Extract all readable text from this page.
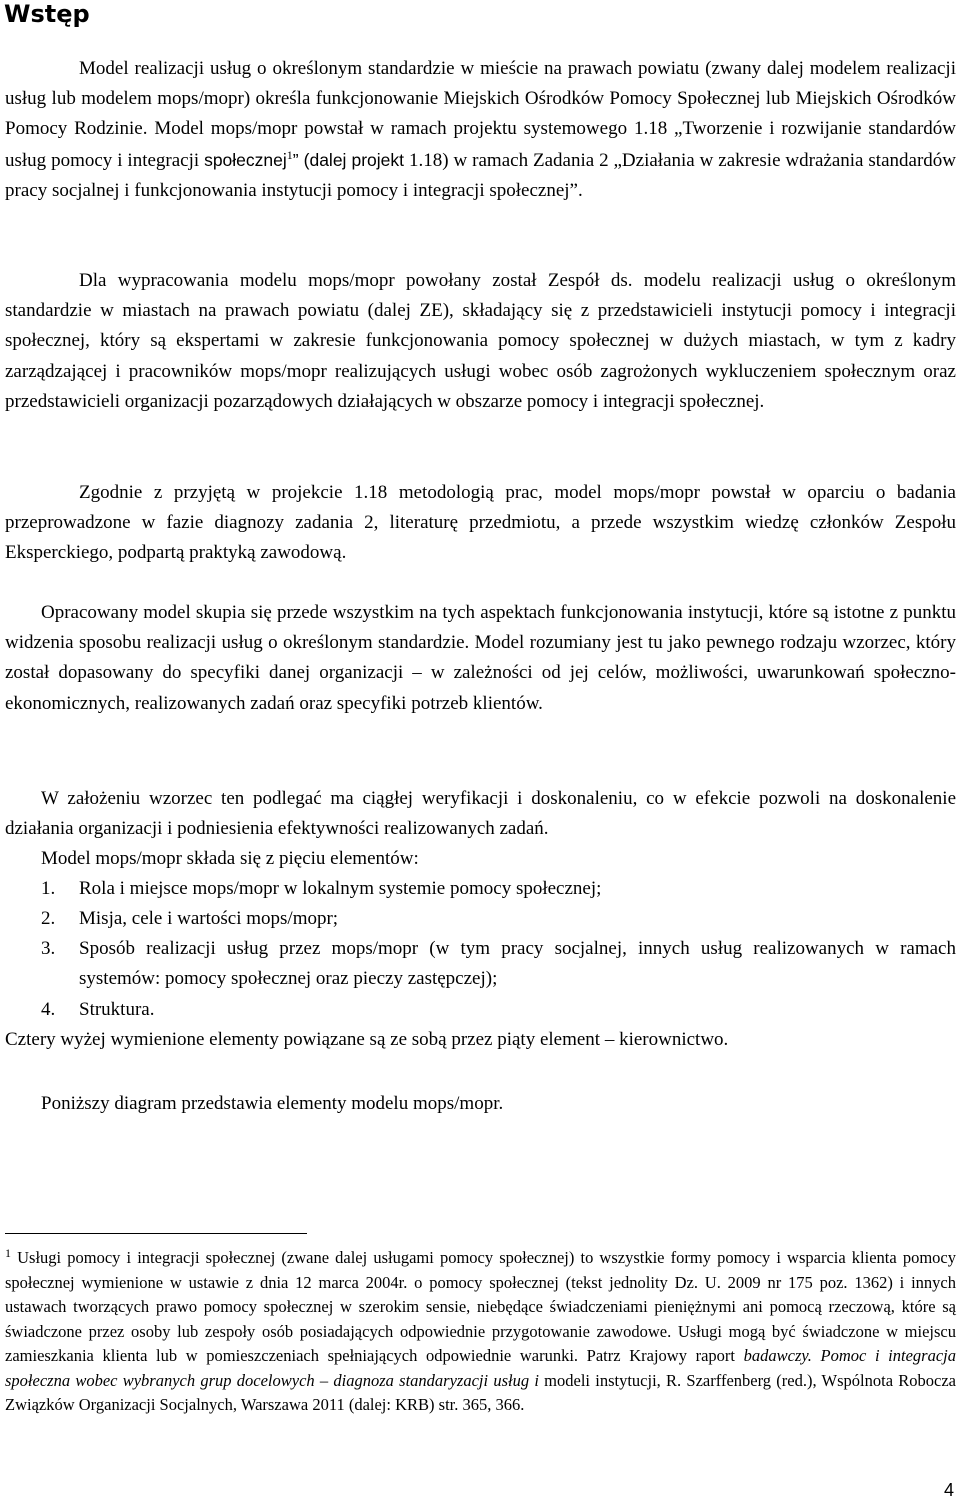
Wstęp
Model realizacji usług o określonym standardzie w mieście na prawach powiatu (zwany dalej modelem realizacji usług lub modelem mops/mopr) określa funkcjonowanie Miejskich Ośrodków Pomocy Społecznej lub Miejskich Ośrodków Pomocy Rodzinie. Model mops/mopr powstał w ramach projektu systemowego 1.18 „Tworzenie i rozwijanie standardów usług pomocy i integracji społecznej$^1$” (dalej projekt 1.18) w ramach Zadania 2 „Działania w zakresie wdrażania standardów pracy socjalnej i funkcjonowania instytucji pomocy i integracji społecznej”.
Dla wypracowania modelu mops/mopr powołany został Zespół ds. modelu realizacji usług o określonym standardzie w miastach na prawach powiatu (dalej ZE), składający się z przedstawicieli instytucji pomocy i integracji społecznej, który są ekspertami w zakresie funkcjonowania pomocy społecznej w dużych miastach, w tym z kadry zarządzającej i pracowników mops/mopr realizujących usługi wobec osób zagrożonych wykluczeniem społecznym oraz przedstawicieli organizacji pozarządowych działających w obszarze pomocy i integracji społecznej.
Zgodnie z przyjętą w projekcie 1.18 metodologią prac, model mops/mopr powstał w oparciu o badania przeprowadzone w fazie diagnozy zadania 2, literaturę przedmiotu, a przede wszystkim wiedzę członków Zespołu Eksperckiego, podpartą praktyką zawodową.
Opracowany model skupia się przede wszystkim na tych aspektach funkcjonowania instytucji, które są istotne z punktu widzenia sposobu realizacji usług o określonym standardzie. Model rozumiany jest tu jako pewnego rodzaju wzorzec, który został dopasowany do specyfiki danej organizacji – w zależności od jej celów, możliwości, uwarunkowań społeczno- ekonomicznych, realizowanych zadań oraz specyfiki potrzeb klientów.
W założeniu wzorzec ten podlegać ma ciągłej weryfikacji i doskonaleniu, co w efekcie pozwoli na doskonalenie działania organizacji i podniesienia efektywności realizowanych zadań.
Model mops/mopr składa się z pięciu elementów:
1. Rola i miejsce mops/mopr w lokalnym systemie pomocy społecznej;
2. Misja, cele i wartości mops/mopr;
3. Sposób realizacji usług przez mops/mopr (w tym pracy socjalnej, innych usług realizowanych w ramach systemów: pomocy społecznej oraz pieczy zastępczej);
4. Struktura.
Cztery wyżej wymienione elementy powiązane są ze sobą przez piąty element – kierownictwo.
Poniższy diagram przedstawia elementy modelu mops/mopr.
$^1$ Usługi pomocy i integracji społecznej (zwane dalej usługami pomocy społecznej) to wszystkie formy pomocy i wsparcia klienta pomocy społecznej wymienione w ustawie z dnia 12 marca 2004r. o pomocy społecznej (tekst jednolity Dz. U. 2009 nr 175 poz. 1362) i innych ustawach tworzących prawo pomocy społecznej w szerokim sensie, niebędące świadczeniami pieniężnymi ani pomocą rzeczową, które są świadczone przez osoby lub zespoły osób posiadających odpowiednie przygotowanie zawodowe. Usługi mogą być świadczone w miejscu zamieszkania klienta lub w pomieszczeniach spełniających odpowiednie warunki. Patrz Krajowy raport badawczy. Pomoc i integracja społeczna wobec wybranych grup docelowych – diagnoza standaryzacji usług i modeli instytucji, R. Szarffenberg (red.), Wspólnota Robocza Związków Organizacji Socjalnych, Warszawa 2011 (dalej: KRB) str. 365, 366.
4
